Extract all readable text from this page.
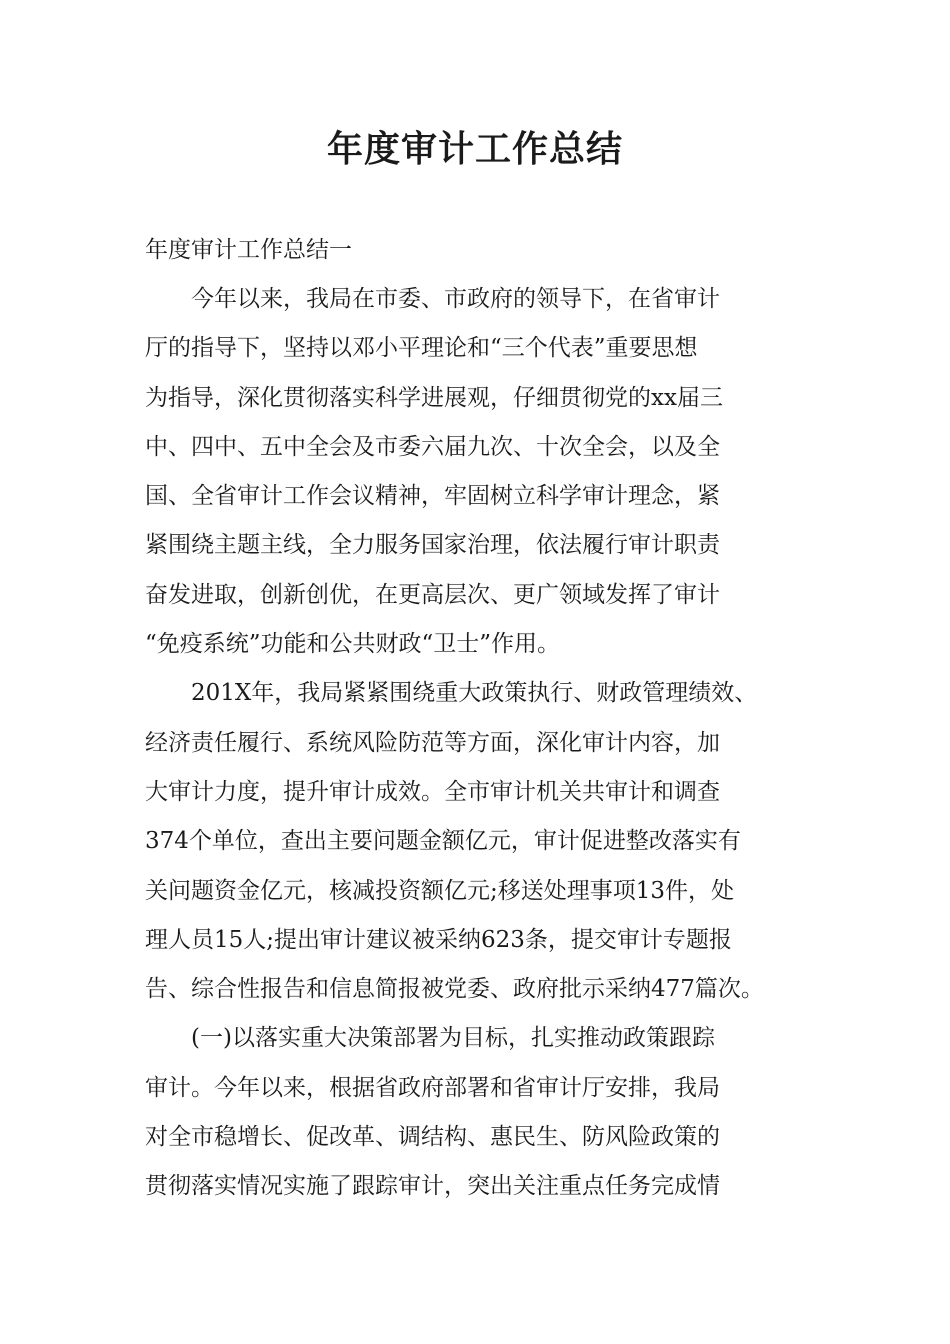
年度审计工作总结

年度审计工作总结一

今年以来，我局在市委、市政府的领导下，在省审计
厅的指导下，坚持以邓小平理论和“三个代表”重要思想
为指导，深化贯彻落实科学进展观，仔细贯彻党的xx届三
中、四中、五中全会及市委六届九次、十次全会，以及全
国、全省审计工作会议精神，牢固树立科学审计理念，紧
紧围绕主题主线，全力服务国家治理，依法履行审计职责
奋发进取，创新创优，在更高层次、更广领域发挥了审计
“免疫系统”功能和公共财政“卫士”作用。
201X年，我局紧紧围绕重大政策执行、财政管理绩效、
经济责任履行、系统风险防范等方面，深化审计内容，加
大审计力度，提升审计成效。全市审计机关共审计和调查
374个单位，查出主要问题金额亿元，审计促进整改落实有
关问题资金亿元，核减投资额亿元;移送处理事项13件，处
理人员15人;提出审计建议被采纳623条，提交审计专题报
告、综合性报告和信息简报被党委、政府批示采纳477篇次。
(一)以落实重大决策部署为目标，扎实推动政策跟踪
审计。今年以来，根据省政府部署和省审计厅安排，我局
对全市稳增长、促改革、调结构、惠民生、防风险政策的
贯彻落实情况实施了跟踪审计，突出关注重点任务完成情
